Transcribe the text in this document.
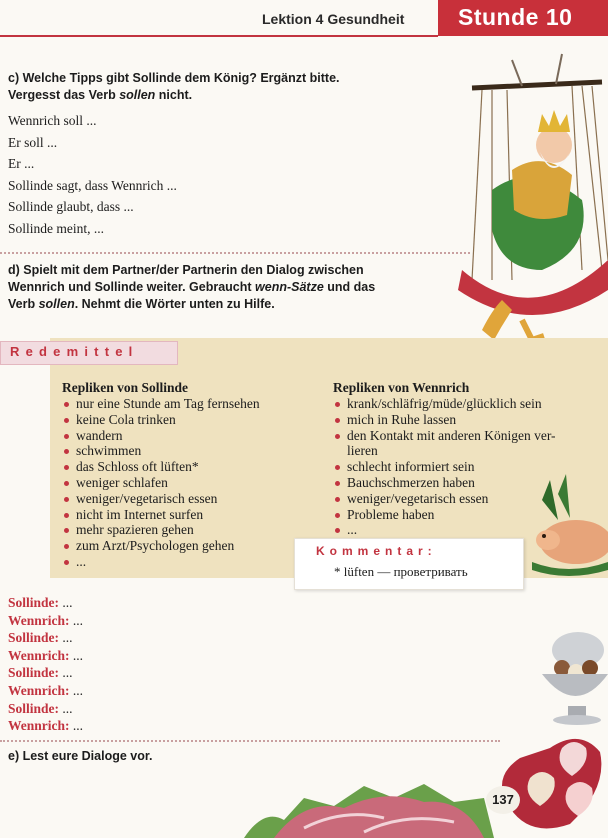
Lektion 4 Gesundheit Stunde 10
c) Welche Tipps gibt Sollinde dem König? Ergänzt bitte.
Vergesst das Verb sollen nicht.
Wennrich soll ...
Er soll ...
Er ...
Sollinde sagt, dass Wennrich ...
Sollinde glaubt, dass ...
Sollinde meint, ...
d) Spielt mit dem Partner/der Partnerin den Dialog zwischen
Wennrich und Sollinde weiter. Gebraucht wenn-Sätze und das
Verb sollen. Nehmt die Wörter unten zu Hilfe.
Redemittel
Repliken von Sollinde
nur eine Stunde am Tag fernsehen
keine Cola trinken
wandern
schwimmen
das Schloss oft lüften*
weniger schlafen
weniger/vegetarisch essen
nicht im Internet surfen
mehr spazieren gehen
zum Arzt/Psychologen gehen
...
Repliken von Wennrich
krank/schläfrig/müde/glücklich sein
mich in Ruhe lassen
den Kontakt mit anderen Königen ver-
lieren
schlecht informiert sein
Bauchschmerzen haben
weniger/vegetarisch essen
Probleme haben
...
Kommentar:
* lüften — проветривать
Sollinde: ...
Wennrich: ...
Sollinde: ...
Wennrich: ...
Sollinde: ...
Wennrich: ...
Sollinde: ...
Wennrich: ...
e) Lest eure Dialoge vor.
137
